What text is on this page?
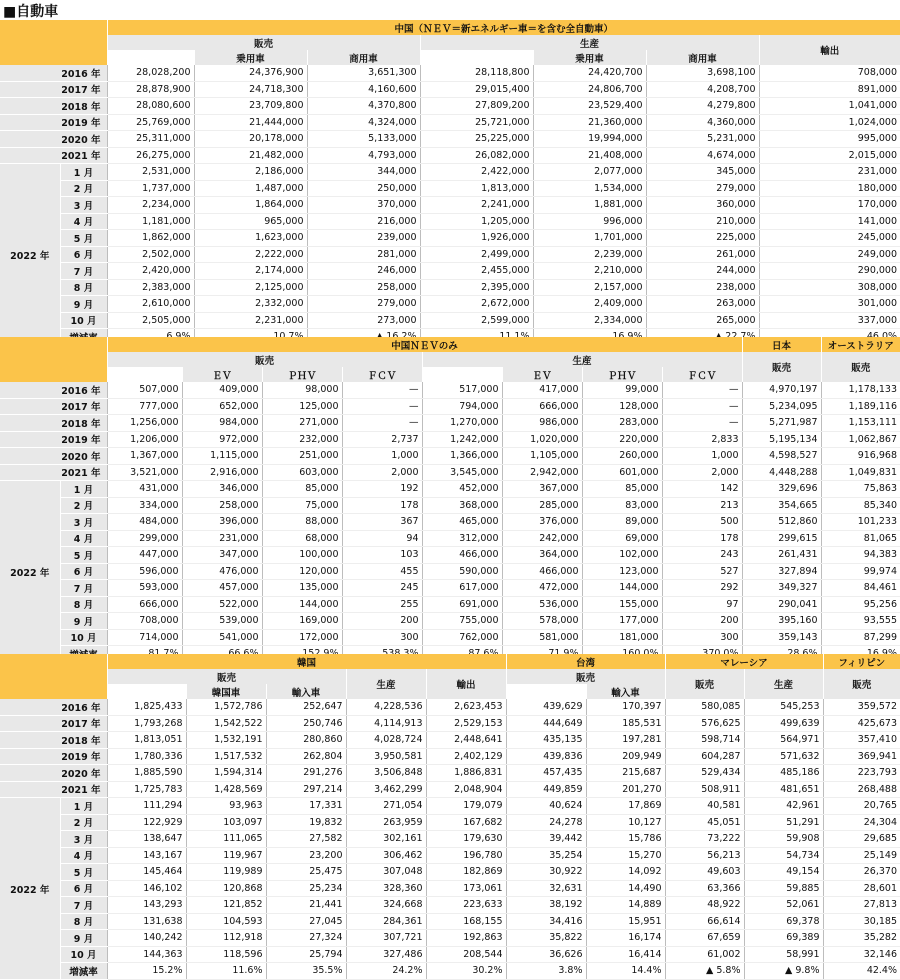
■自動車
		中国（ＮＥＶ＝新エネルギー車＝を含む全自動車）						
		販売			生産			輸出
			乗用車	商用車		乗用車	商用車	
2016 年		28,028,200	24,376,900	3,651,300	28,118,800	24,420,700	3,698,100	708,000
2017 年		28,878,900	24,718,300	4,160,600	29,015,400	24,806,700	4,208,700	891,000
2018 年		28,080,600	23,709,800	4,370,800	27,809,200	23,529,400	4,279,800	1,041,000
2019 年		25,769,000	21,444,000	4,324,000	25,721,000	21,360,000	4,360,000	1,024,000
2020 年		25,311,000	20,178,000	5,133,000	25,225,000	19,994,000	5,231,000	995,000
2021 年		26,275,000	21,482,000	4,793,000	26,082,000	21,408,000	4,674,000	2,015,000
2022 年	1 月	2,531,000	2,186,000	344,000	2,422,000	2,077,000	345,000	231,000
	2 月	1,737,000	1,487,000	250,000	1,813,000	1,534,000	279,000	180,000
	3 月	2,234,000	1,864,000	370,000	2,241,000	1,881,000	360,000	170,000
	4 月	1,181,000	965,000	216,000	1,205,000	996,000	210,000	141,000
	5 月	1,862,000	1,623,000	239,000	1,926,000	1,701,000	225,000	245,000
	6 月	2,502,000	2,222,000	281,000	2,499,000	2,239,000	261,000	249,000
	7 月	2,420,000	2,174,000	246,000	2,455,000	2,210,000	244,000	290,000
	8 月	2,383,000	2,125,000	258,000	2,395,000	2,157,000	238,000	308,000
	9 月	2,610,000	2,332,000	279,000	2,672,000	2,409,000	263,000	301,000
	10 月	2,505,000	2,231,000	273,000	2,599,000	2,334,000	265,000	337,000

		中国ＮＥＶのみ								日本	オーストラリア
		販売				生産				販売	販売
			ＥＶ	ＰＨＶ	ＦＣＶ		ＥＶ	ＰＨＶ	ＦＣＶ		
2016 年		507,000	409,000	98,000	—	517,000	417,000	99,000	—	4,970,197	1,178,133
2017 年		777,000	652,000	125,000	—	794,000	666,000	128,000	—	5,234,095	1,189,116
2018 年		1,256,000	984,000	271,000	—	1,270,000	986,000	283,000	—	5,271,987	1,153,111
2019 年		1,206,000	972,000	232,000	2,737	1,242,000	1,020,000	220,000	2,833	5,195,134	1,062,867
2020 年		1,367,000	1,115,000	251,000	1,000	1,366,000	1,105,000	260,000	1,000	4,598,527	916,968
2021 年		3,521,000	2,916,000	603,000	2,000	3,545,000	2,942,000	601,000	2,000	4,448,288	1,049,831
2022 年	1 月	431,000	346,000	85,000	192	452,000	367,000	85,000	142	329,696	75,863
	2 月	334,000	258,000	75,000	178	368,000	285,000	83,000	213	354,665	85,340
	3 月	484,000	396,000	88,000	367	465,000	376,000	89,000	500	512,860	101,233
	4 月	299,000	231,000	68,000	94	312,000	242,000	69,000	178	299,615	81,065
	5 月	447,000	347,000	100,000	103	466,000	364,000	102,000	243	261,431	94,383
	6 月	596,000	476,000	120,000	455	590,000	466,000	123,000	527	327,894	99,974
	7 月	593,000	457,000	135,000	245	617,000	472,000	144,000	292	349,327	84,461
	8 月	666,000	522,000	144,000	255	691,000	536,000	155,000	97	290,041	95,256
	9 月	708,000	539,000	169,000	200	755,000	578,000	177,000	200	395,160	93,555
	10 月	714,000	541,000	172,000	300	762,000	581,000	181,000	300	359,143	87,299

		韓国					台湾		マレーシア		フィリピン
		販売			生産	輸出	販売		販売	生産	販売
			韓国車	輸入車				輸入車			
2016 年		1,825,433	1,572,786	252,647	4,228,536	2,623,453	439,629	170,397	580,085	545,253	359,572
2017 年		1,793,268	1,542,522	250,746	4,114,913	2,529,153	444,649	185,531	576,625	499,639	425,673
2018 年		1,813,051	1,532,191	280,860	4,028,724	2,448,641	435,135	197,281	598,714	564,971	357,410
2019 年		1,780,336	1,517,532	262,804	3,950,581	2,402,129	439,836	209,949	604,287	571,632	369,941
2020 年		1,885,590	1,594,314	291,276	3,506,848	1,886,831	457,435	215,687	529,434	485,186	223,793
2021 年		1,725,783	1,428,569	297,214	3,462,299	2,048,904	449,859	201,270	508,911	481,651	268,488
2022 年	1 月	111,294	93,963	17,331	271,054	179,079	40,624	17,869	40,581	42,961	20,765
	2 月	122,929	103,097	19,832	263,959	167,682	24,278	10,127	45,051	51,291	24,304
	3 月	138,647	111,065	27,582	302,161	179,630	39,442	15,786	73,222	59,908	29,685
	4 月	143,167	119,967	23,200	306,462	196,780	35,254	15,270	56,213	54,734	25,149
	5 月	145,464	119,989	25,475	307,048	182,869	30,922	14,092	49,603	49,154	26,370
	6 月	146,102	120,868	25,234	328,360	173,061	32,631	14,490	63,366	59,885	28,601
	7 月	143,293	121,852	21,441	324,668	223,633	38,192	14,889	48,922	52,061	27,813
	8 月	131,638	104,593	27,045	284,361	168,155	34,416	15,951	66,614	69,378	30,185
	9 月	140,242	112,918	27,324	307,721	192,863	35,822	16,174	67,659	69,389	35,282
	10 月	144,363	118,596	25,794	327,486	208,544	36,626	16,414	61,002	58,991	32,146
	増減率	15.2%	11.6%	35.5%	24.2%	30.2%	3.8%	14.4%	▲ 5.8%	▲ 9.8%	42.4%
